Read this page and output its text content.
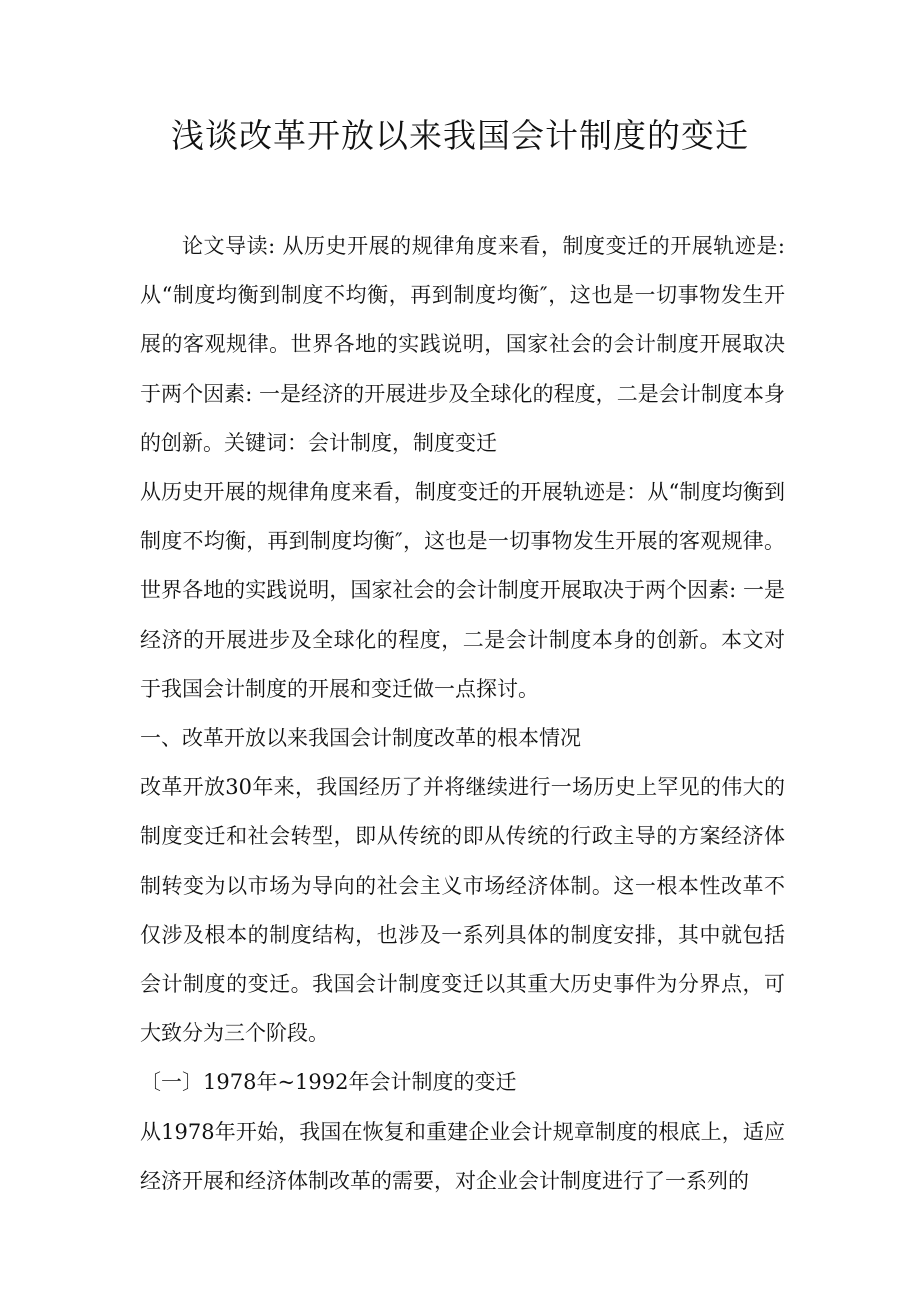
浅谈改革开放以来我国会计制度的变迁

论文导读: 从历史开展的规律角度来看，制度变迁的开展轨迹是: 从“制度均衡到制度不均衡，再到制度均衡″，这也是一切事物发生开展的客观规律。世界各地的实践说明，国家社会的会计制度开展取决于两个因素: 一是经济的开展进步及全球化的程度，二是会计制度本身的创新。关键词：会计制度，制度变迁

从历史开展的规律角度来看，制度变迁的开展轨迹是：从“制度均衡到制度不均衡，再到制度均衡″，这也是一切事物发生开展的客观规律。世界各地的实践说明，国家社会的会计制度开展取决于两个因素: 一是经济的开展进步及全球化的程度，二是会计制度本身的创新。本文对于我国会计制度的开展和变迁做一点探讨。

一、改革开放以来我国会计制度改革的根本情况

改革开放30年来，我国经历了并将继续进行一场历史上罕见的伟大的制度变迁和社会转型，即从传统的即从传统的行政主导的方案经济体制转变为以市场为导向的社会主义市场经济体制。这一根本性改革不仅涉及根本的制度结构，也涉及一系列具体的制度安排，其中就包括会计制度的变迁。我国会计制度变迁以其重大历史事件为分界点，可大致分为三个阶段。

〔一〕1978年~1992年会计制度的变迁

从1978年开始，我国在恢复和重建企业会计规章制度的根底上，适应经济开展和经济体制改革的需要，对企业会计制度进行了一系列的
